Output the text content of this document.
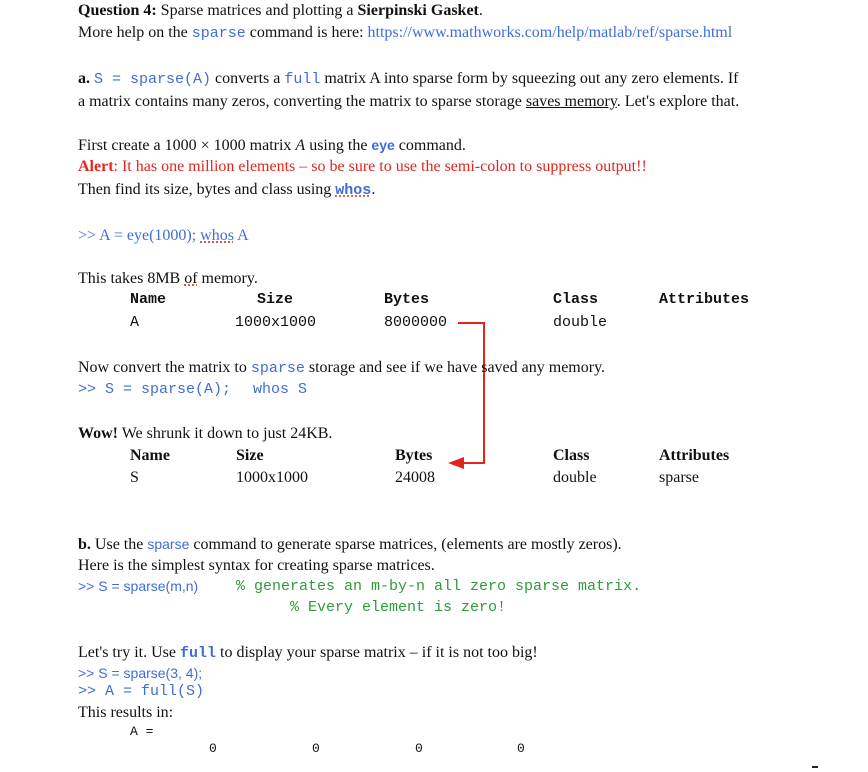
Question 4: Sparse matrices and plotting a Sierpinski Gasket.
More help on the sparse command is here: https://www.mathworks.com/help/matlab/ref/sparse.html
a. S = sparse(A) converts a full matrix A into sparse form by squeezing out any zero elements. If
a matrix contains many zeros, converting the matrix to sparse storage saves memory. Let's explore that.
First create a 1000 × 1000 matrix A using the eye command.
Alert: It has one million elements – so be sure to use the semi-colon to suppress output!!
Then find its size, bytes and class using whos.
>> A = eye(1000); whos A
This takes 8MB of memory.
Name	Size	Bytes	Class	Attributes
A	1000x1000	8000000	double
Now convert the matrix to sparse storage and see if we have saved any memory.
>> S = sparse(A); whos S
Wow! We shrunk it down to just 24KB.
Name	Size	Bytes	Class	Attributes
S	1000x1000	24008	double	sparse
b. Use the sparse command to generate sparse matrices, (elements are mostly zeros).
Here is the simplest syntax for creating sparse matrices.
>> S = sparse(m,n)	% generates an m-by-n all zero sparse matrix.
% Every element is zero!
Let's try it. Use full to display your sparse matrix – if it is not too big!
>> S = sparse(3, 4);
>> A = full(S)
This results in:
A =
0	0	0	0
